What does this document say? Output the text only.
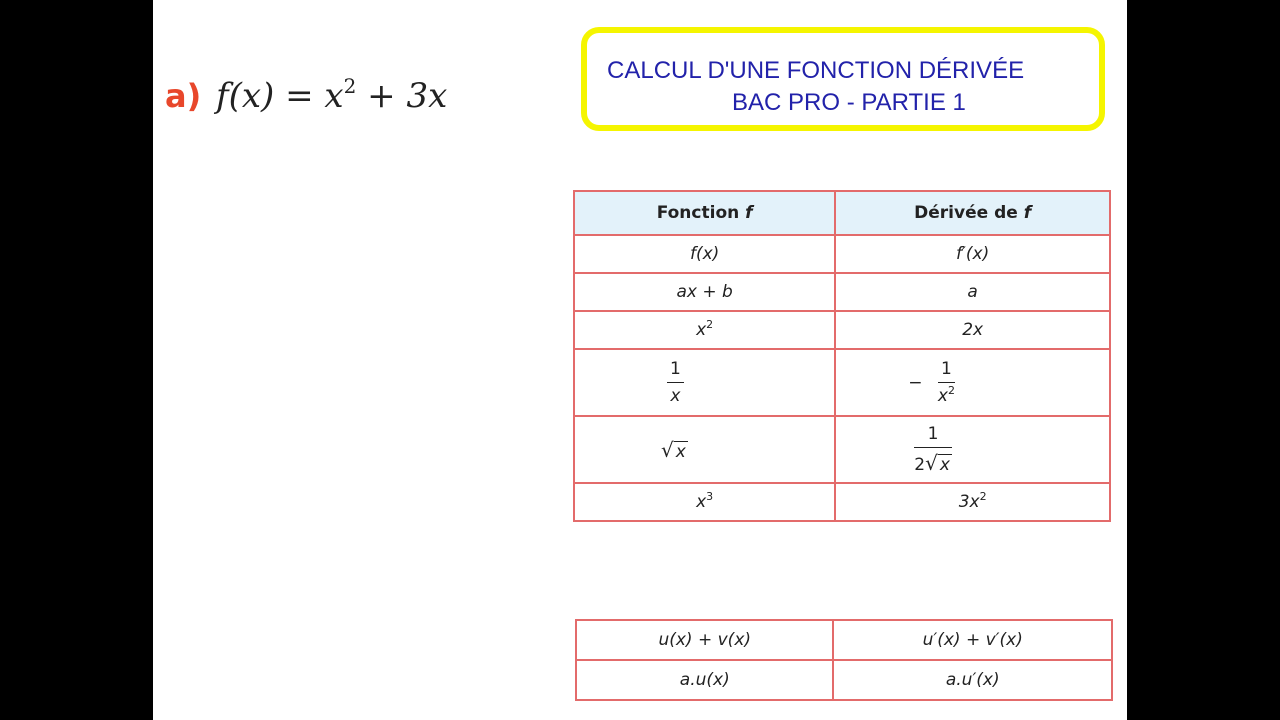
a) $f(x) = x^2 + 3x$
CALCUL D'UNE FONCTION DÉRIVÉE
BAC PRO - PARTIE 1
Fonction f	Dérivée de f
f(x)	f′(x)
ax + b	a
$x^2$	2x

$\frac{1}{x}$	− $\frac{1}{x^2}$

√ x	$\frac{1}{2√ x}$

$x^3$	$3x^2$
u(x) + v(x)	u′(x) + v′(x)
a.u(x)	a.u′(x)
